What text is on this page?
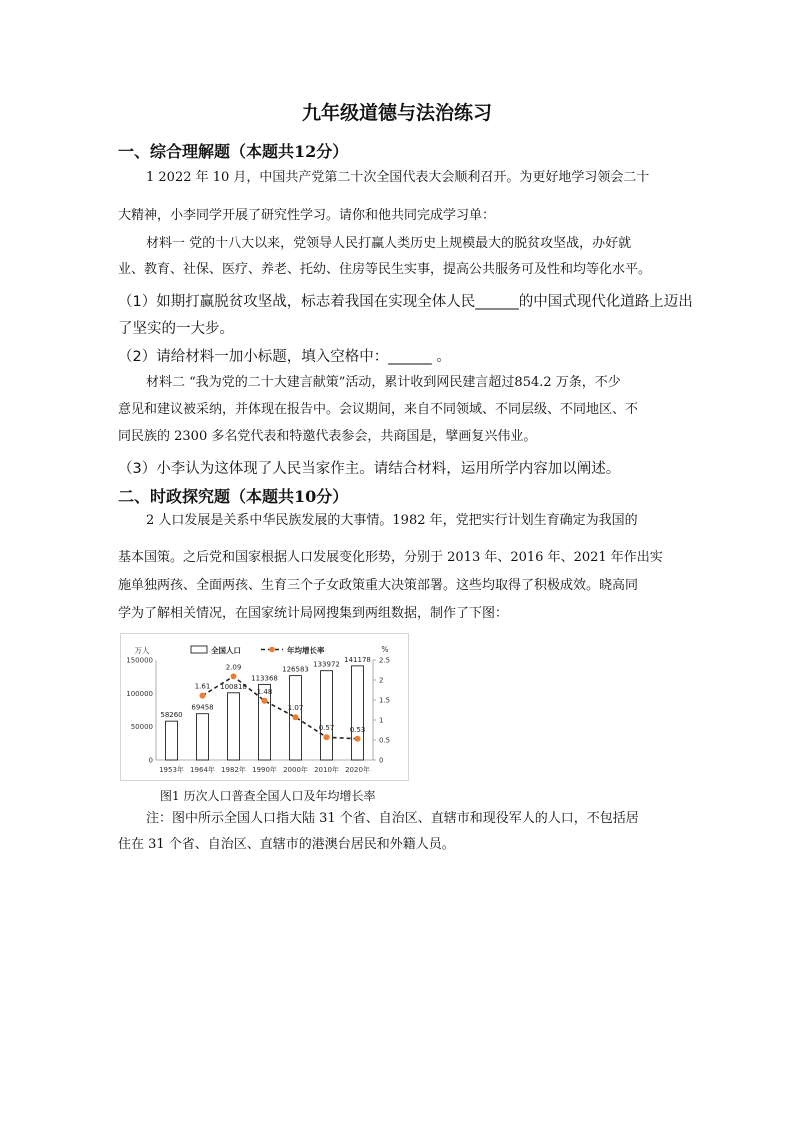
九年级道德与法治练习
一、综合理解题（本题共12分）
1 2022 年 10 月，中国共产党第二十次全国代表大会顺利召开。为更好地学习领会二十
大精神，小李同学开展了研究性学习。请你和他共同完成学习单：
材料一 党的十八大以来，党领导人民打赢人类历史上规模最大的脱贫攻坚战，办好就
业、教育、社保、医疗、养老、托幼、住房等民生实事，提高公共服务可及性和均等化水平。
（1）如期打赢脱贫攻坚战，标志着我国在实现全体人民______的中国式现代化道路上迈出
了坚实的一大步。
（2）请给材料一加小标题，填入空格中：______ 。
材料二 “我为党的二十大建言献策”活动，累计收到网民建言超过854.2 万条，不少
意见和建议被采纳，并体现在报告中。会议期间，来自不同领域、不同层级、不同地区、不
同民族的 2300 多名党代表和特邀代表参会，共商国是，擘画复兴伟业。
（3）小李认为这体现了人民当家作主。请结合材料，运用所学内容加以阐述。
二、时政探究题（本题共10分）
2 人口发展是关系中华民族发展的大事情。1982 年，党把实行计划生育确定为我国的
基本国策。之后党和国家根据人口发展变化形势，分别于 2013 年、2016 年、2021 年作出实
施单独两孩、全面两孩、生育三个子女政策重大决策部署。这些均取得了积极成效。晓高同
学为了解相关情况，在国家统计局网搜集到两组数据，制作了下图：
0
50000
100000
150000
0
0.5
1
1.5
2
2.5
万人	%
58260
1953年
69458
1964年
100818
1982年
113368
1990年
126583
2000年
133972
2010年
141178
2020年
1.61
2.09
1.48
1.07
0.57 0.53
全国人口	年均增长率
图1 历次人口普查全国人口及年均增长率
注：图中所示全国人口指大陆 31 个省、自治区、直辖市和现役军人的人口，不包括居
住在 31 个省、自治区、直辖市的港澳台居民和外籍人员。
